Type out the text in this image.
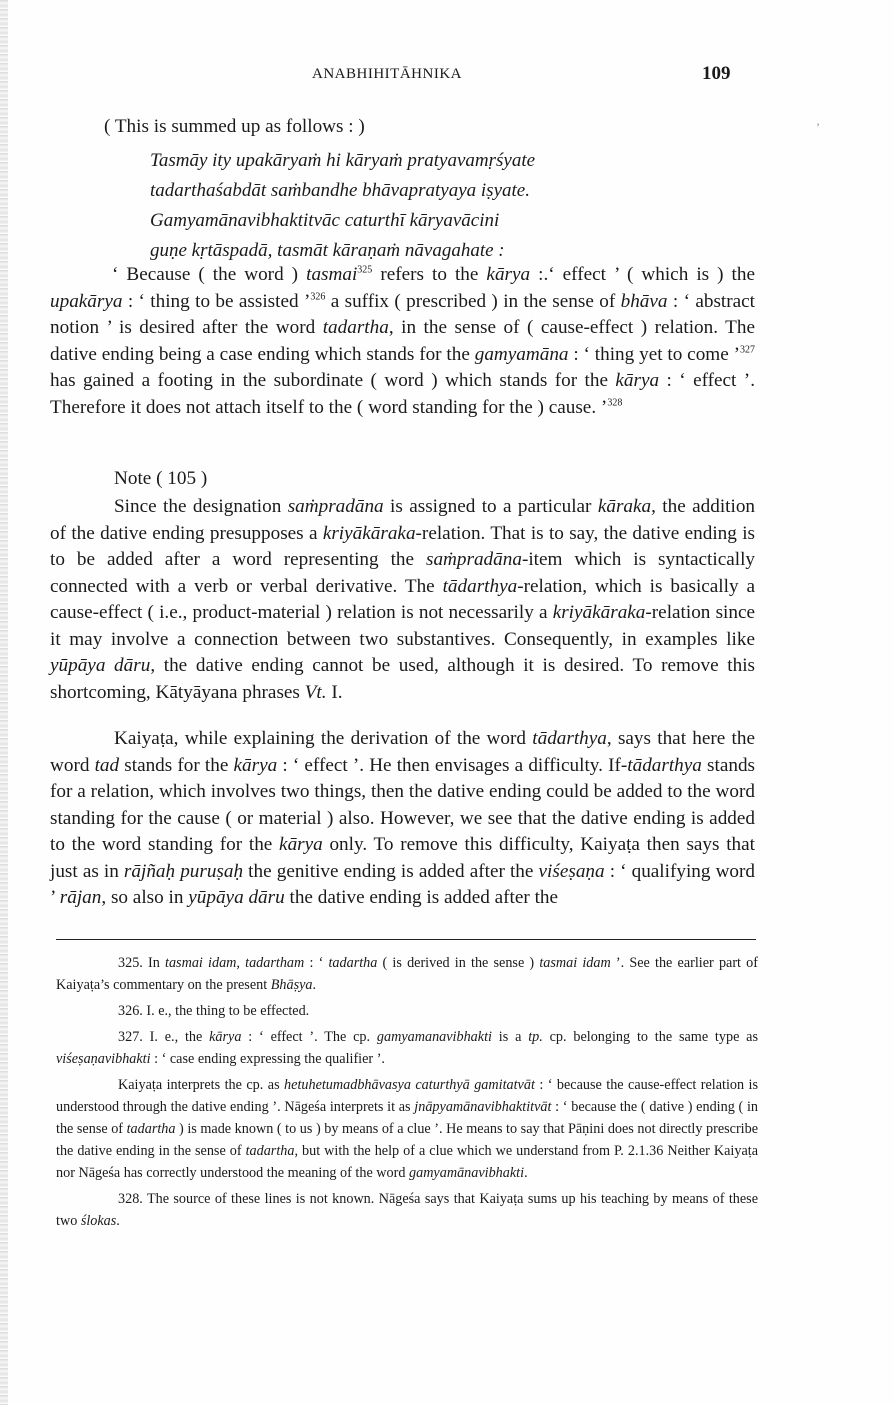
ANABHIHITĀHNIKA	109
’
( This is summed up as follows : )
Tasmāy ity upakāryaṁ hi kāryaṁ pratyavamṛśyate
tadarthaśabdāt saṁbandhe bhāvapratyaya iṣyate.
Gamyamānavibhaktitvāc caturthī kāryavācini
guṇe kṛtāspadā, tasmāt kāraṇaṁ nāvagahate :
‘ Because ( the word ) tasmai$^{325}$ refers to the kārya :.‘ effect ’ ( which is ) the upakārya : ‘ thing to be assisted ’$^{326}$ a suffix ( prescribed ) in the sense of bhāva : ‘ abstract notion ’ is desired after the word tadartha, in the sense of ( cause-effect ) relation. The dative ending being a case ending which stands for the gamyamāna : ‘ thing yet to come ’$^{327}$ has gained a footing in the subordinate ( word ) which stands for the kārya : ‘ effect ’. Therefore it does not attach itself to the ( word standing for the ) cause. ’$^{328}$
Note ( 105 )
Since the designation saṁpradāna is assigned to a particular kāraka, the addition of the dative ending presupposes a kriyākāraka-relation. That is to say, the dative ending is to be added after a word representing the saṁpradāna-item which is syntactically connected with a verb or verbal derivative. The tādarthya-relation, which is basically a cause-effect ( i.e., product-material ) relation is not necessarily a kriyākāraka-relation since it may involve a connection between two substantives. Consequently, in examples like yūpāya dāru, the dative ending cannot be used, although it is desired. To remove this shortcoming, Kātyāyana phrases Vt. I.
Kaiyaṭa, while explaining the derivation of the word tādarthya, says that here the word tad stands for the kārya : ‘ effect ’. He then envisages a difficulty. If-tādarthya stands for a relation, which involves two things, then the dative ending could be added to the word standing for the cause ( or material ) also. However, we see that the dative ending is added to the word standing for the kārya only. To remove this difficulty, Kaiyaṭa then says that just as in rājñaḥ puruṣaḥ the genitive ending is added after the viśeṣaṇa : ‘ qualifying word ’ rājan, so also in yūpāya dāru the dative ending is added after the

325. In tasmai idam, tadartham : ‘ tadartha ( is derived in the sense ) tasmai idam ’. See the earlier part of Kaiyaṭa’s commentary on the present Bhāṣya.

326. I. e., the thing to be effected.

327. I. e., the kārya : ‘ effect ’. The cp. gamyamanavibhakti is a tp. cp. belonging to the same type as viśeṣaṇavibhakti : ‘ case ending expressing the qualifier ’.

Kaiyaṭa interprets the cp. as hetuhetumadbhāvasya caturthyā gamitatvāt : ‘ because the cause-effect relation is understood through the dative ending ’. Nāgeśa interprets it as jnāpyamānavibhaktitvāt : ‘ because the ( dative ) ending ( in the sense of tadartha ) is made known ( to us ) by means of a clue ’. He means to say that Pāṇini does not directly prescribe the dative ending in the sense of tadartha, but with the help of a clue which we understand from P. 2.1.36 Neither Kaiyaṭa nor Nāgeśa has correctly understood the meaning of the word gamyamānavibhakti.

328. The source of these lines is not known. Nāgeśa says that Kaiyaṭa sums up his teaching by means of these two ślokas.
